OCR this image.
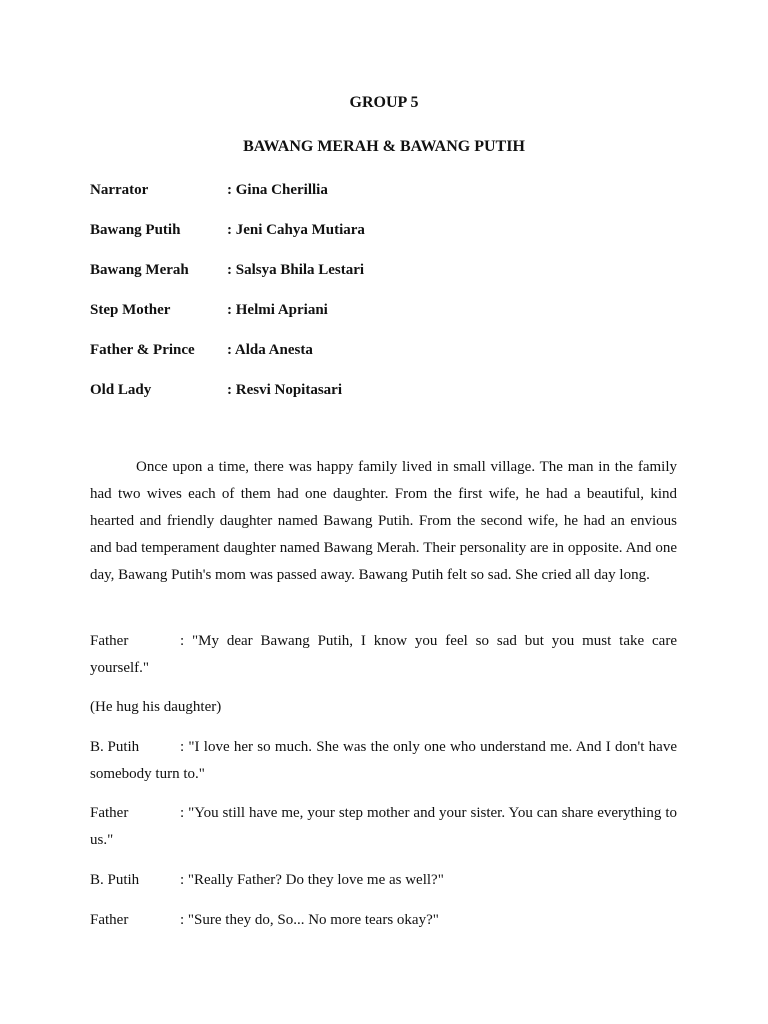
GROUP 5
BAWANG MERAH & BAWANG PUTIH
Narrator	: Gina Cherillia
Bawang Putih	: Jeni Cahya Mutiara
Bawang Merah	: Salsya Bhila Lestari
Step Mother	: Helmi Apriani
Father & Prince : Alda Anesta
Old Lady	: Resvi Nopitasari

Once upon a time, there was happy family lived in small village. The man in the family had two wives each of them had one daughter. From the first wife, he had a beautiful, kind hearted and friendly daughter named Bawang Putih. From the second wife, he had an envious and bad temperament daughter named Bawang Merah. Their personality are in opposite. And one day, Bawang Putih's mom was passed away. Bawang Putih felt so sad. She cried all day long.

Father	: "My dear Bawang Putih, I know you feel so sad but you must take care yourself."

(He hug his daughter)

B. Putih	: "I love her so much. She was the only one who understand me. And I don't have somebody turn to."

Father	: "You still have me, your step mother and your sister. You can share everything to us."

B. Putih	: "Really Father? Do they love me as well?"

Father	: "Sure they do, So... No more tears okay?"
